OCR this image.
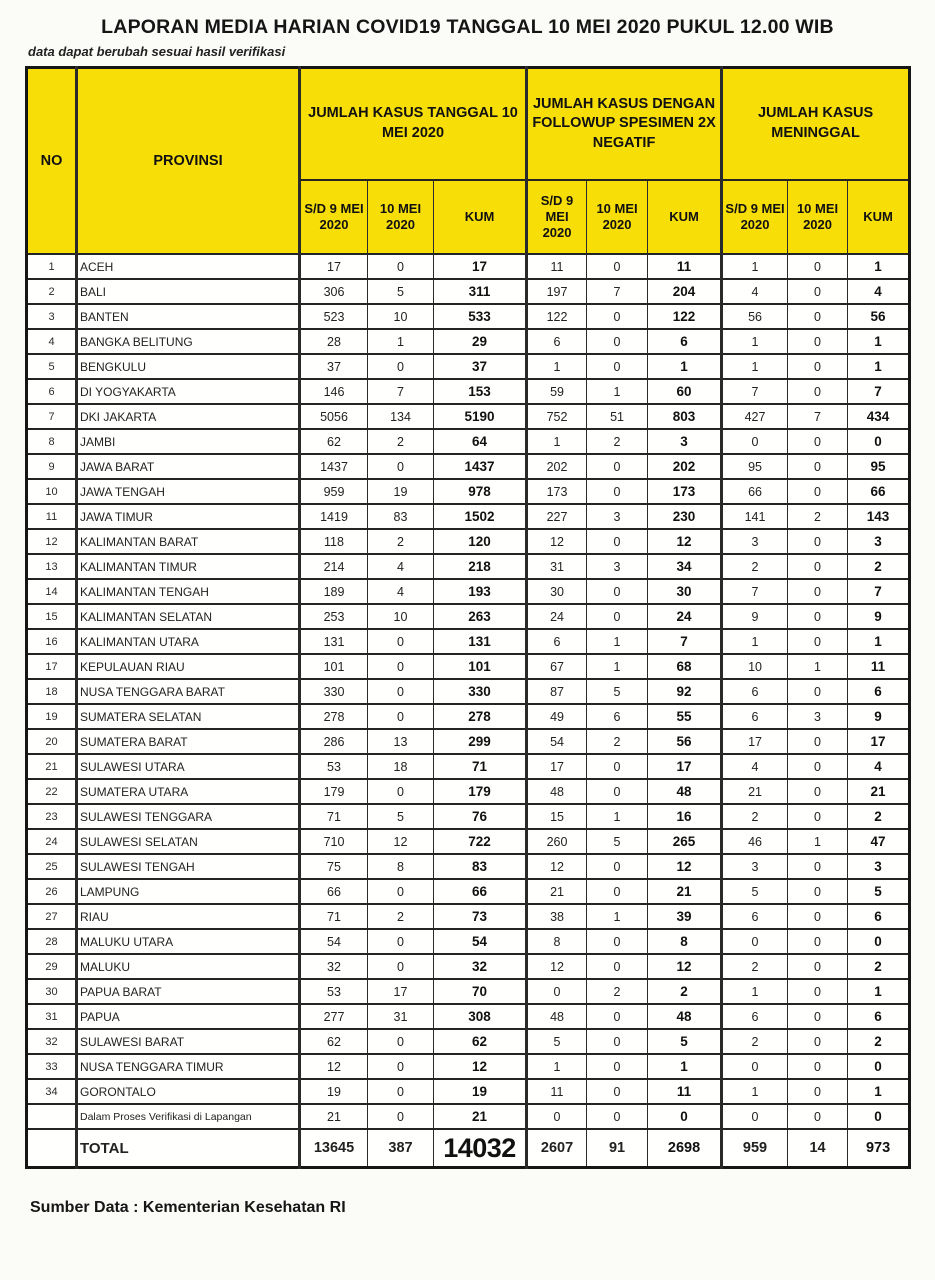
LAPORAN MEDIA HARIAN COVID19 TANGGAL 10 MEI 2020 PUKUL 12.00 WIB
data dapat berubah sesuai hasil verifikasi
NO	PROVINSI	JUMLAH KASUS TANGGAL 10 MEI 2020			JUMLAH KASUS DENGAN FOLLOWUP SPESIMEN 2X NEGATIF			JUMLAH KASUS MENINGGAL		
		S/D 9 MEI 2020	10 MEI 2020	KUM	S/D 9 MEI 2020	10 MEI 2020	KUM	S/D 9 MEI 2020	10 MEI 2020	KUM
1	ACEH	17	0	17	11	0	11	1	0	1
2	BALI	306	5	311	197	7	204	4	0	4
3	BANTEN	523	10	533	122	0	122	56	0	56
4	BANGKA BELITUNG	28	1	29	6	0	6	1	0	1
5	BENGKULU	37	0	37	1	0	1	1	0	1
6	DI YOGYAKARTA	146	7	153	59	1	60	7	0	7
7	DKI JAKARTA	5056	134	5190	752	51	803	427	7	434
8	JAMBI	62	2	64	1	2	3	0	0	0
9	JAWA BARAT	1437	0	1437	202	0	202	95	0	95
10	JAWA TENGAH	959	19	978	173	0	173	66	0	66
11	JAWA TIMUR	1419	83	1502	227	3	230	141	2	143
12	KALIMANTAN BARAT	118	2	120	12	0	12	3	0	3
13	KALIMANTAN TIMUR	214	4	218	31	3	34	2	0	2
14	KALIMANTAN TENGAH	189	4	193	30	0	30	7	0	7
15	KALIMANTAN SELATAN	253	10	263	24	0	24	9	0	9
16	KALIMANTAN UTARA	131	0	131	6	1	7	1	0	1
17	KEPULAUAN RIAU	101	0	101	67	1	68	10	1	11
18	NUSA TENGGARA BARAT	330	0	330	87	5	92	6	0	6
19	SUMATERA SELATAN	278	0	278	49	6	55	6	3	9
20	SUMATERA BARAT	286	13	299	54	2	56	17	0	17
21	SULAWESI UTARA	53	18	71	17	0	17	4	0	4
22	SUMATERA UTARA	179	0	179	48	0	48	21	0	21
23	SULAWESI TENGGARA	71	5	76	15	1	16	2	0	2
24	SULAWESI SELATAN	710	12	722	260	5	265	46	1	47
25	SULAWESI TENGAH	75	8	83	12	0	12	3	0	3
26	LAMPUNG	66	0	66	21	0	21	5	0	5
27	RIAU	71	2	73	38	1	39	6	0	6
28	MALUKU UTARA	54	0	54	8	0	8	0	0	0
29	MALUKU	32	0	32	12	0	12	2	0	2
30	PAPUA BARAT	53	17	70	0	2	2	1	0	1
31	PAPUA	277	31	308	48	0	48	6	0	6
32	SULAWESI BARAT	62	0	62	5	0	5	2	0	2
33	NUSA TENGGARA TIMUR	12	0	12	1	0	1	0	0	0
34	GORONTALO	19	0	19	11	0	11	1	0	1
	Dalam Proses Verifikasi di Lapangan	21	0	21	0	0	0	0	0	0
	TOTAL	13645	387	14032	2607	91	2698	959	14	973
Sumber Data : Kementerian Kesehatan RI
